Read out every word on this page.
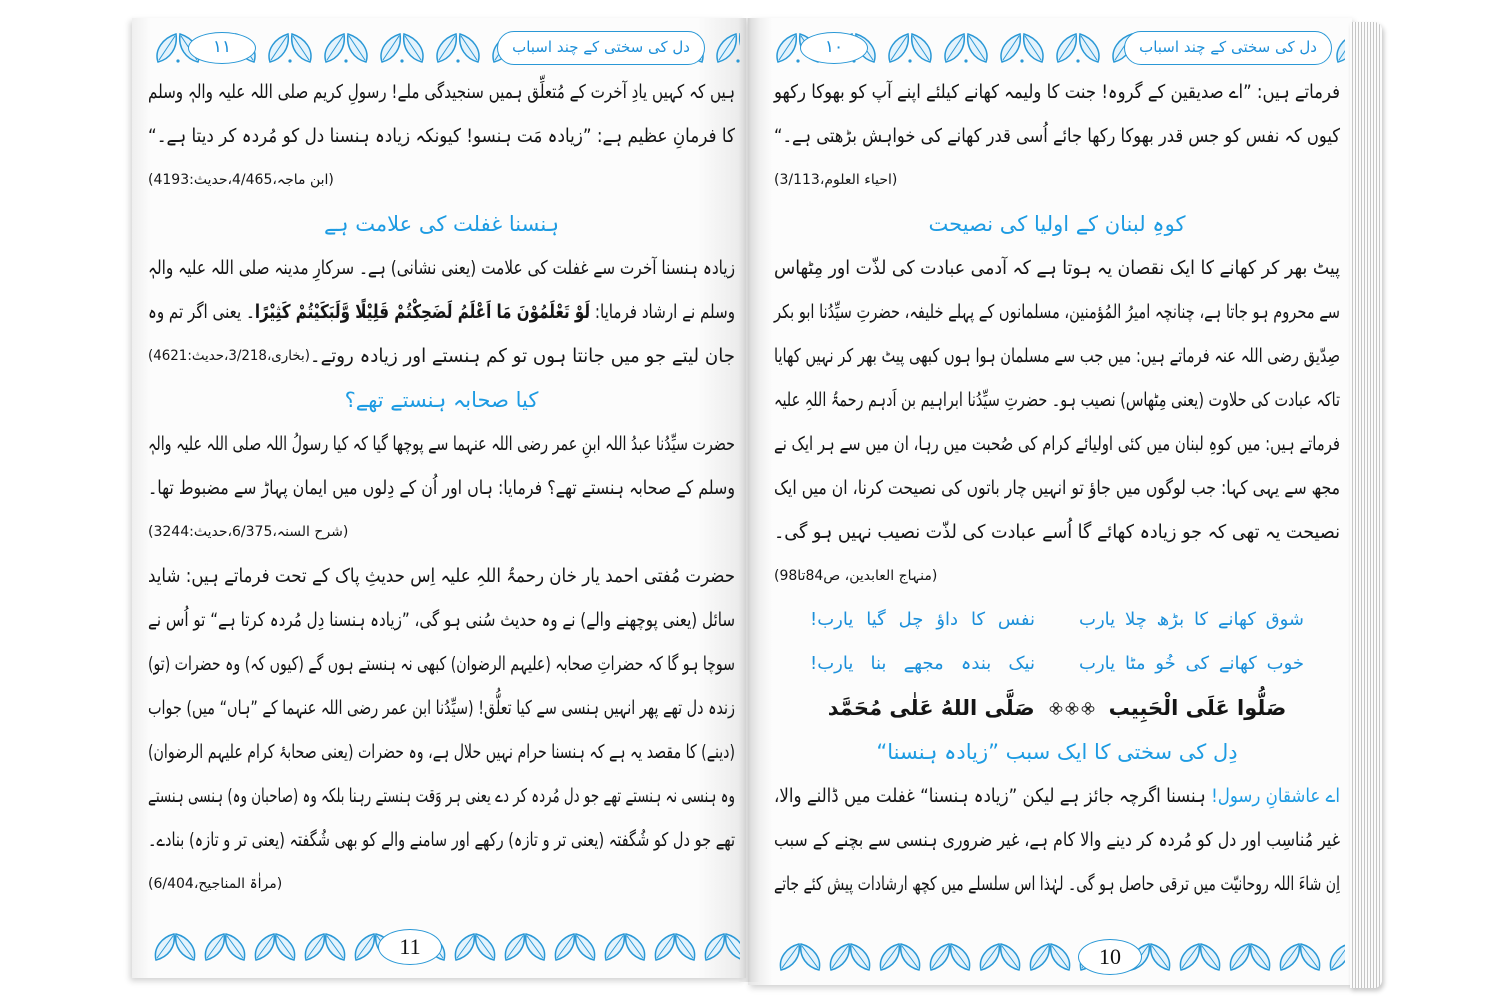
۱۱	دل کی سختی کے چند اسباب
ہیں کہ کہیں یادِ آخرت کے مُتعلِّق ہمیں سنجیدگی ملے! رسولِ کریم صلی اللہ علیہ والہٖ وسلم
کا فرمانِ عظیم ہے: ”زیادہ مَت ہنسو! کیونکہ زیادہ ہنسنا دل کو مُردہ کر دیتا ہے۔“
(ابن ماجہ،4/465،حدیث:4193)
ہنسنا غفلت کی علامت ہے
زیادہ ہنسنا آخرت سے غفلت کی علامت (یعنی نشانی) ہے۔ سرکارِ مدینہ صلی اللہ علیہ والہٖ
وسلم نے ارشاد فرمایا: لَوْ تَعْلَمُوْنَ مَا اَعْلَمُ لَضَحِكْتُمْ قَلِيْلًا وَّلَبَكَيْتُمْ كَثِيْرًا۔ یعنی اگر تم وہ
جان لیتے جو میں جانتا ہوں تو کم ہنستے اور زیادہ روتے۔
(بخاری،3/218،حدیث:4621)
کیا صحابہ ہنستے تھے؟
حضرت سیِّدُنا عبدُ اللہ ابنِ عمر رضی اللہ عنہما سے پوچھا گیا کہ کیا رسولُ اللہ صلی اللہ علیہ والہٖ
وسلم کے صحابہ ہنستے تھے؟ فرمایا: ہاں اور اُن کے دِلوں میں ایمان پہاڑ سے مضبوط تھا۔
(شرح السنہ،6/375،حدیث:3244)
حضرت مُفتی احمد یار خان رحمۃُ اللہِ علیہ اِس حدیثِ پاک کے تحت فرماتے ہیں: شاید
سائل (یعنی پوچھنے والے) نے وہ حدیث سُنی ہو گی، ”زیادہ ہنسنا دِل مُردہ کرتا ہے“ تو اُس نے
سوچا ہو گا کہ حضراتِ صحابہ (علیہم الرضوان) کبھی نہ ہنستے ہوں گے (کیوں کہ) وہ حضرات (تو)
زندہ دل تھے پھر انہیں ہنسی سے کیا تعلُّق! (سیِّدُنا ابن عمر رضی اللہ عنہما کے ”ہاں“ میں) جواب
(دینے) کا مقصد یہ ہے کہ ہنسنا حرام نہیں حلال ہے، وہ حضرات (یعنی صحابۂ کرام علیہم الرضوان)
وہ ہنسی نہ ہنستے تھے جو دل مُردہ کر دے یعنی ہر وَقت ہنستے رہنا بلکہ وہ (صاحبان وہ) ہنسی ہنستے
تھے جو دل کو شُگفتہ (یعنی تر و تازہ) رکھے اور سامنے والے کو بھی شُگفتہ (یعنی تر و تازہ) بنادے۔
(مراٰۃ المناجیح،6/404)
11
۱۰	دل کی سختی کے چند اسباب
فرماتے ہیں: ”اے صدیقین کے گروہ! جنت کا ولیمہ کھانے کیلئے اپنے آپ کو بھوکا رکھو
کیوں کہ نفس کو جس قدر بھوکا رکھا جائے اُسی قدر کھانے کی خواہش بڑھتی ہے۔“
(احیاء العلوم،3/113)
کوہِ لبنان کے اولیا کی نصیحت
پیٹ بھر کر کھانے کا ایک نقصان یہ ہوتا ہے کہ آدمی عبادت کی لذّت اور مِٹھاس
سے محروم ہو جاتا ہے، چنانچہ امیرُ المُؤمنین، مسلمانوں کے پہلے خلیفہ، حضرتِ سیِّدُنا ابو بکر
صِدّیق رضی اللہ عنہ فرماتے ہیں: میں جب سے مسلمان ہوا ہوں کبھی پیٹ بھر کر نہیں کھایا
تاکہ عبادت کی حلاوت (یعنی مِٹھاس) نصیب ہو۔ حضرتِ سیِّدُنا ابراہیم بن اَدہم رحمۃُ اللہِ علیہ
فرماتے ہیں: میں کوہِ لبنان میں کئی اولیائے کرام کی صُحبت میں رہا، ان میں سے ہر ایک نے
مجھ سے یہی کہا: جب لوگوں میں جاؤ تو انہیں چار باتوں کی نصیحت کرنا، ان میں ایک
نصیحت یہ تھی کہ جو زیادہ کھائے گا اُسے عبادت کی لذّت نصیب نہیں ہو گی۔
(منہاج العابدین، ص84تا98)
شوق کھانے کا بڑھ چلا یارب
نفس کا داؤ چل گیا یارب!
خوب کھانے کی خُو مٹا یارب
نیک بندہ مجھے بنا یارب!
صَلُّوا عَلَى الْحَبِيب
صَلَّى اللهُ عَلٰى مُحَمَّد
دِل کی سختی کا ایک سبب ”زیادہ ہنسنا“
اے عاشقانِ رسول! ہنسنا اگرچہ جائز ہے لیکن ”زیادہ ہنسنا“ غفلت میں ڈالنے والا،
غیر مُناسِب اور دل کو مُردہ کر دینے والا کام ہے، غیر ضروری ہنسی سے بچنے کے سبب
اِن شاءَ اللہ روحانیّت میں ترقی حاصل ہو گی۔ لہٰذا اس سلسلے میں کچھ ارشادات پیش کئے جاتے
10
